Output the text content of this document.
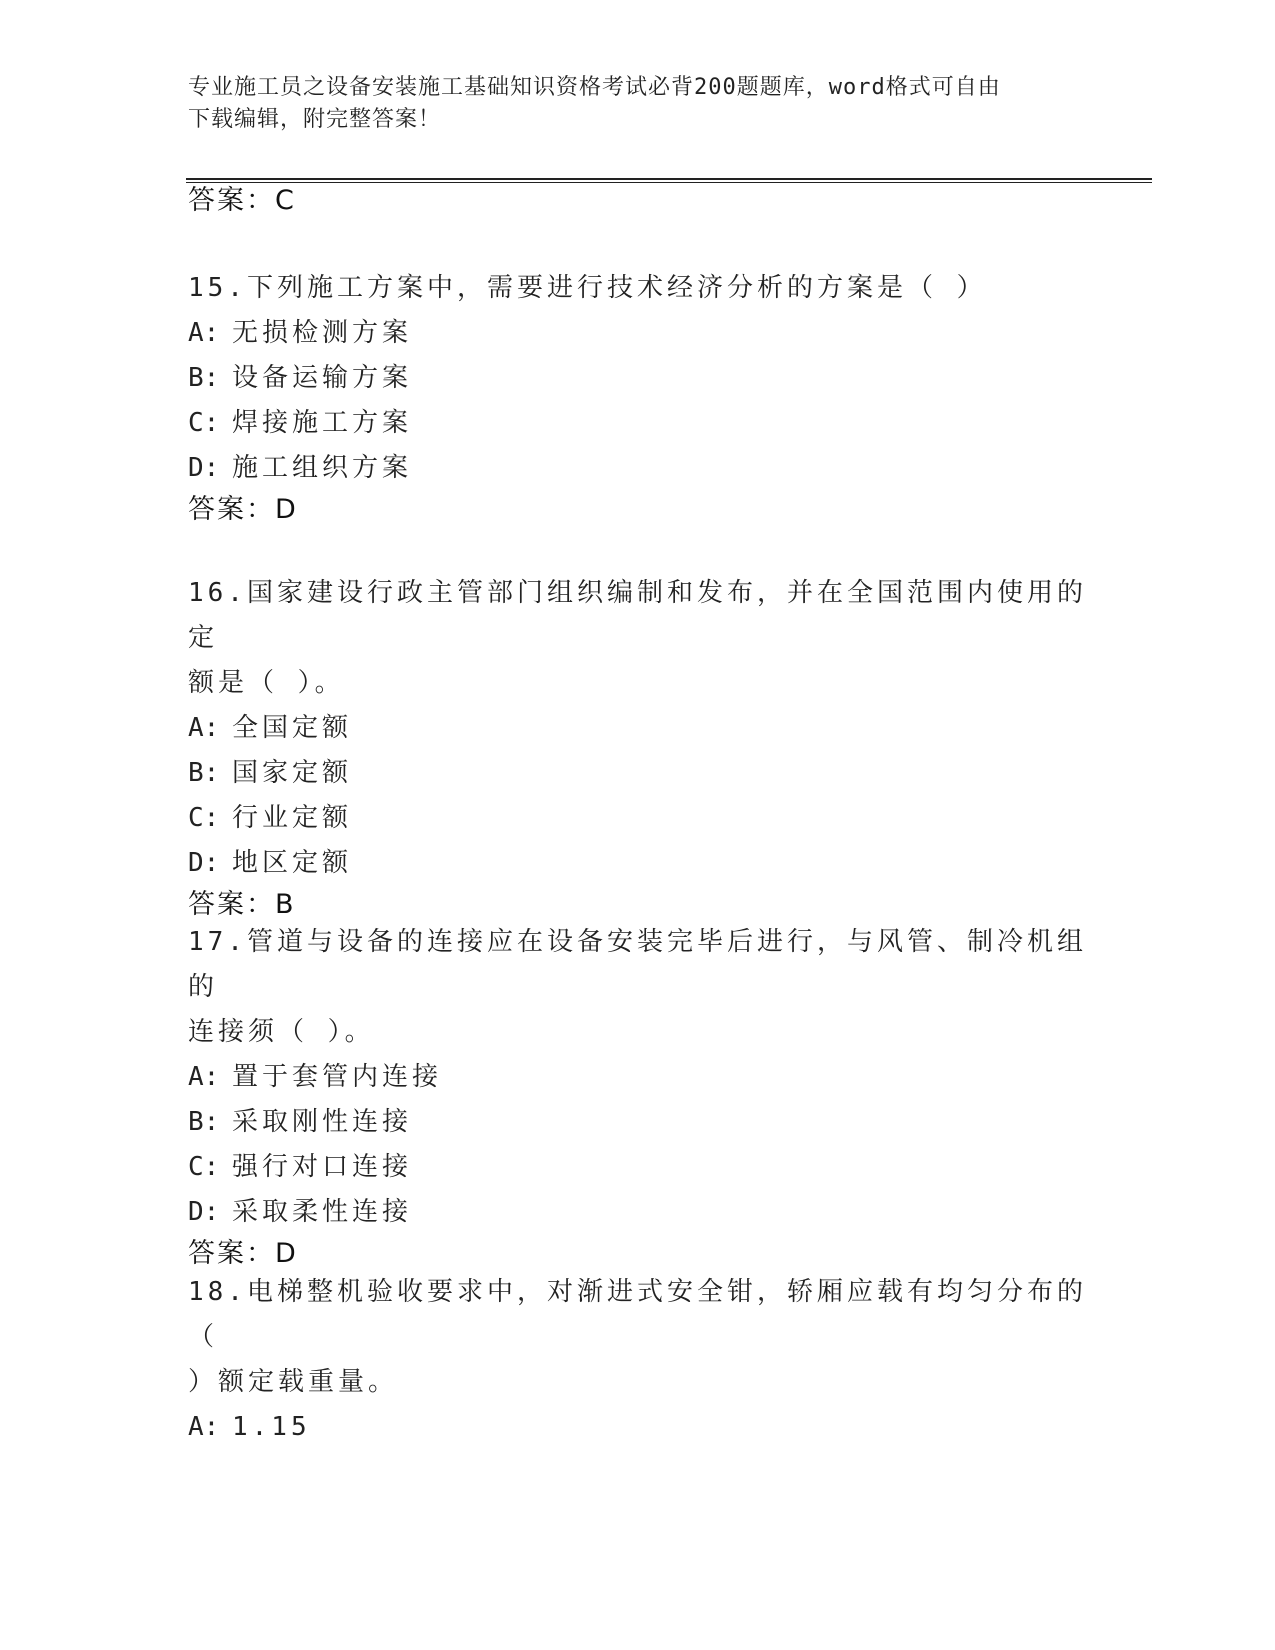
专业施工员之设备安装施工基础知识资格考试必背200题题库，word格式可自由
下载编辑，附完整答案！
答案：C
15.下列施工方案中，需要进行技术经济分析的方案是（ ）
A: 无损检测方案
B: 设备运输方案
C: 焊接施工方案
D: 施工组织方案
答案：D
16.国家建设行政主管部门组织编制和发布，并在全国范围内使用的定
额是（ ）。
A: 全国定额
B: 国家定额
C: 行业定额
D: 地区定额
答案：B
17.管道与设备的连接应在设备安装完毕后进行，与风管、制冷机组的
连接须（ ）。
A: 置于套管内连接
B: 采取刚性连接
C: 强行对口连接
D: 采取柔性连接
答案：D
18.电梯整机验收要求中，对渐进式安全钳，轿厢应载有均匀分布的（
）额定载重量。
A: 1.15
